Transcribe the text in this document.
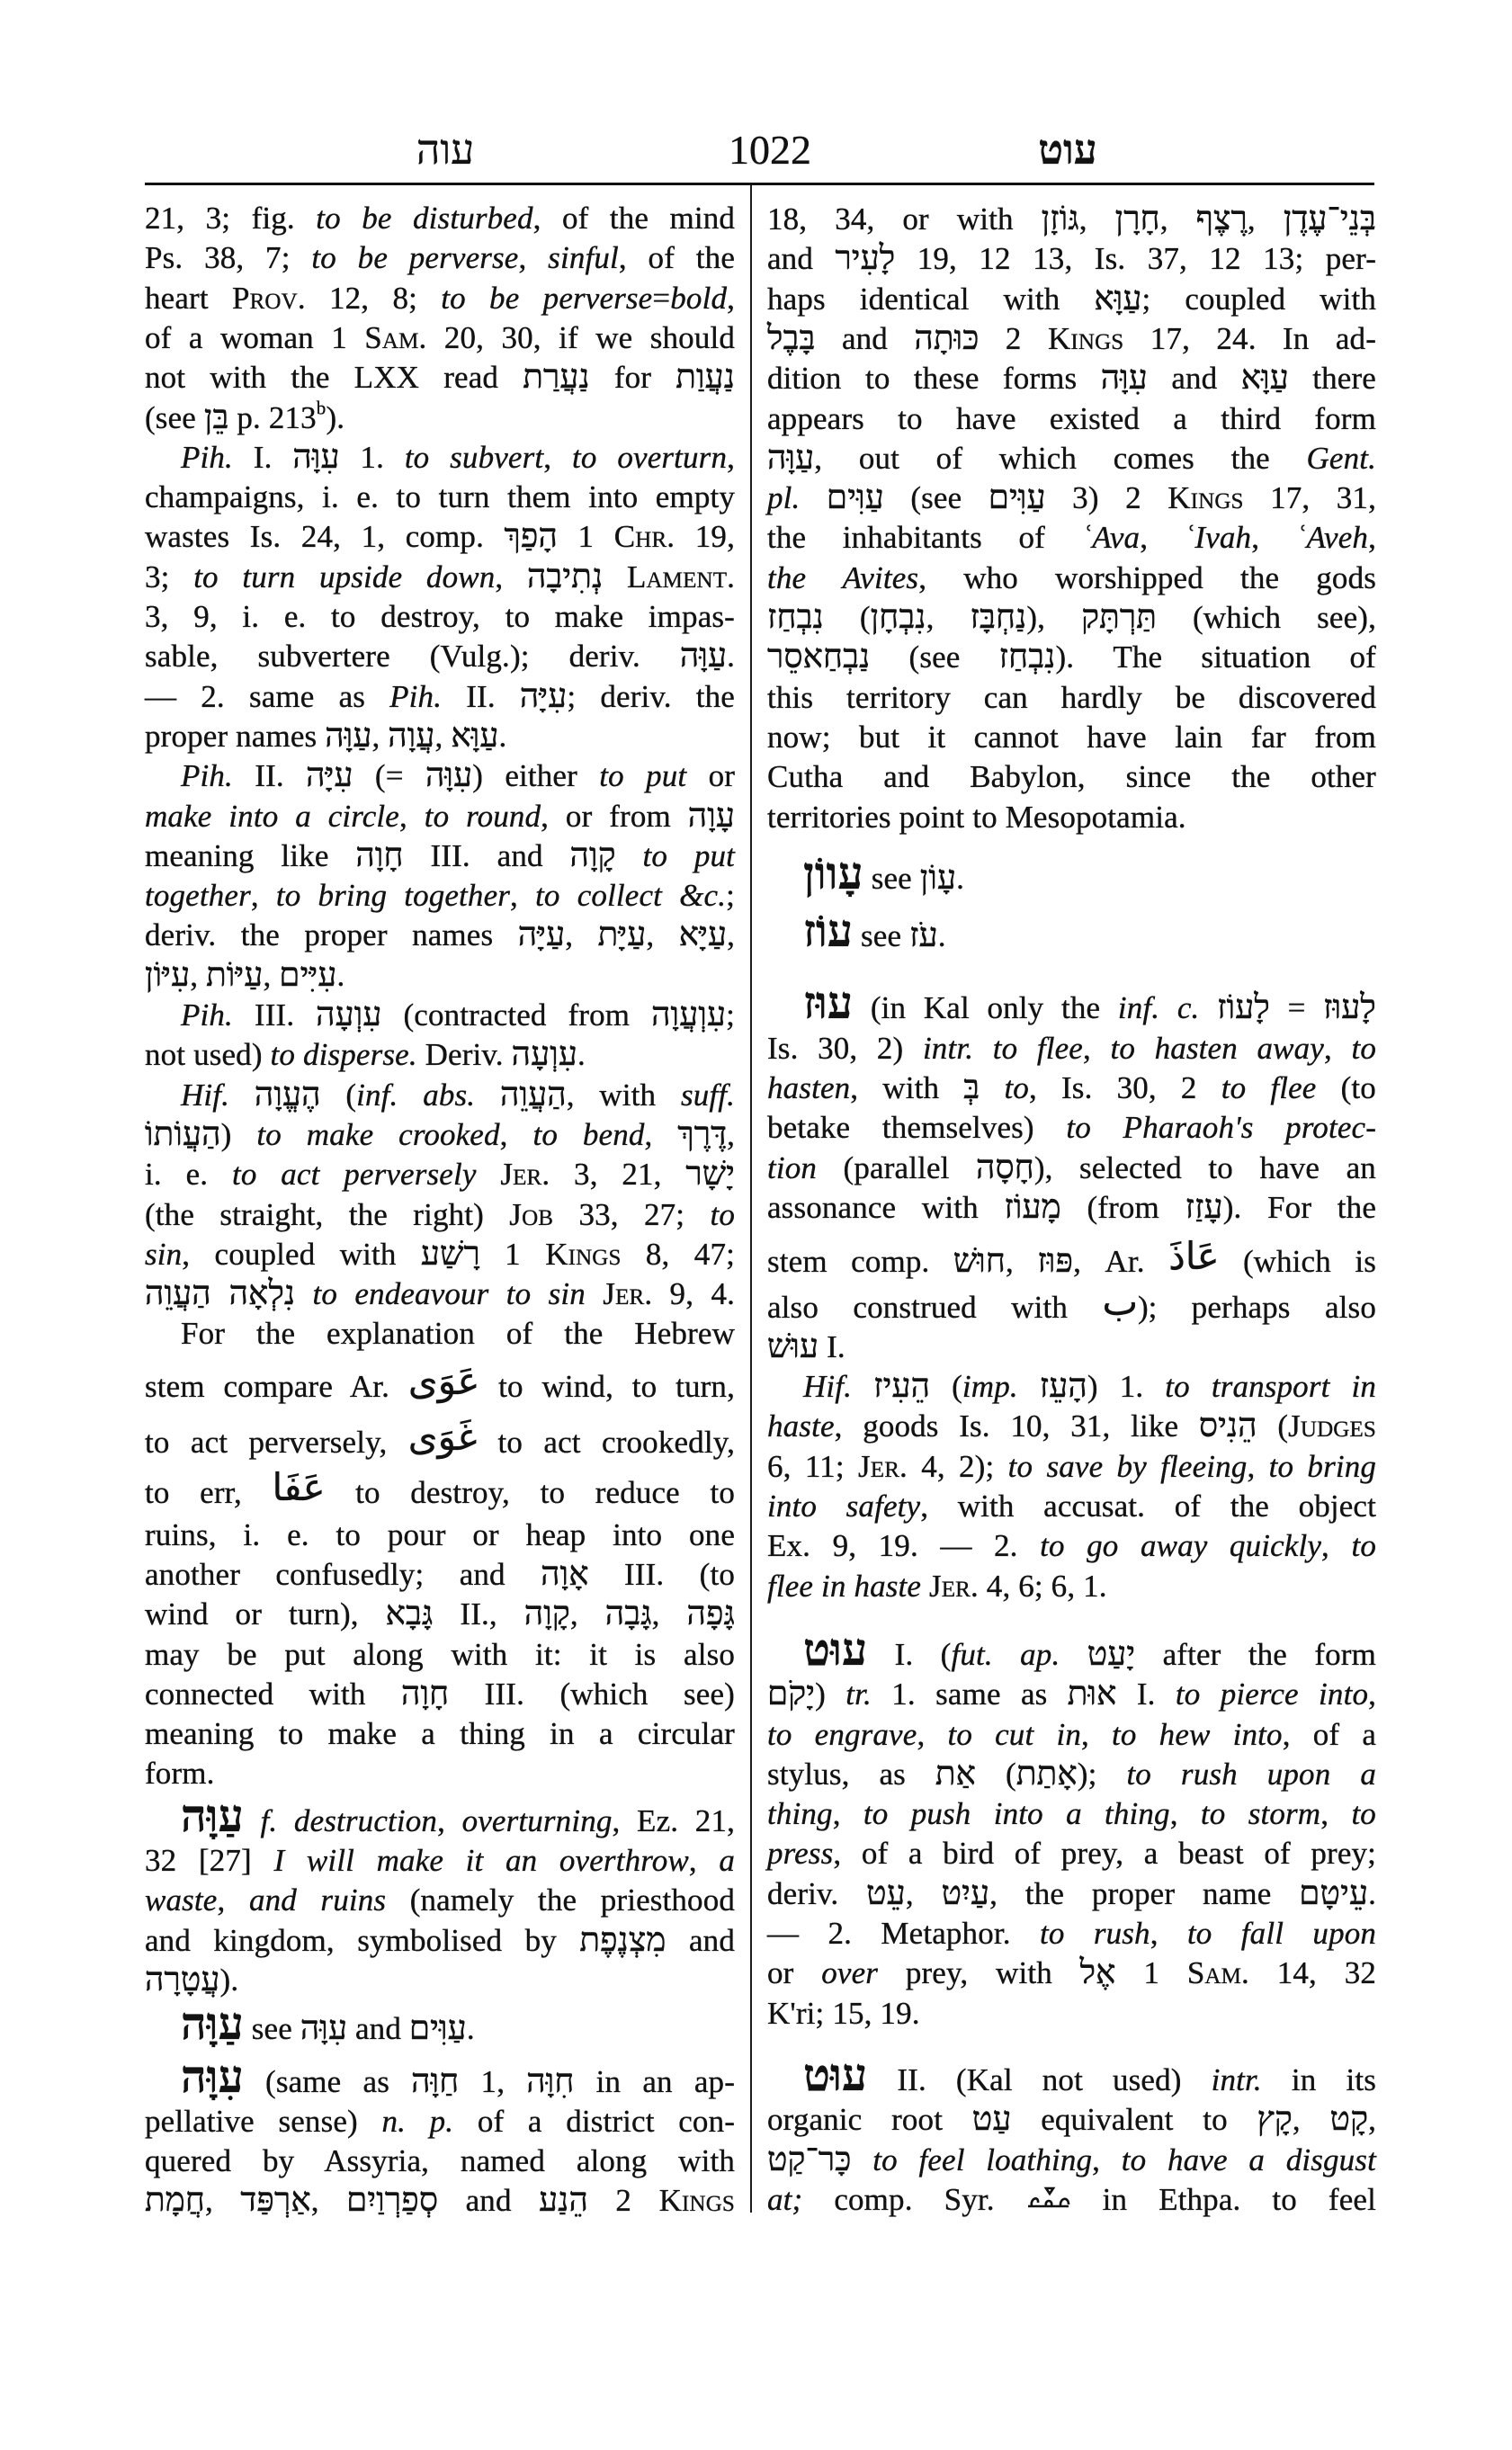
עוה	1022	עוט
21, 3; fig. to be disturbed, of the mind
Ps. 38, 7; to be perverse, sinful, of the
heart Prov. 12, 8; to be perverse=bold,
of a woman 1 Sam. 20, 30, if we should
not with the LXX read נַעֲרַת for נַעֲוַת
(see בֵּן p. 213$^b$).
Pih. I. עִוָּה 1. to subvert, to overturn,
champaigns, i. e. to turn them into empty
wastes Is. 24, 1, comp. הָפַךְ 1 Chr. 19,
3; to turn upside down, נְתִיבָה Lament.
3, 9, i. e. to destroy, to make impas-
sable, subvertere (Vulg.); deriv. עַוָּה.
— 2. same as Pih. II. עִיָּה; deriv. the
proper names עַוָּה, עֲוָה, עַוָּא.
Pih. II. עִיָּה (= עִוָּה) either to put or
make into a circle, to round, or from עָוָה
meaning like חָוָה III. and קָוָה to put
together, to bring together, to collect &c.;
deriv. the proper names עַיָּה, עַיָּת, עַיָּא,
עִיּוֹן, עַיּוֹת, עִיִּים.
Pih. III. עִוְעָה (contracted from עִוְעֲוָה;
not used) to disperse. Deriv. עִוְעָה.
Hif. הֶעֱוָה (inf. abs. הַעֲוֵה, with suff.
הַעֲוֹתוֹ) to make crooked, to bend, דֶּרֶךְ,
i. e. to act perversely Jer. 3, 21, יָשָׁר
(the straight, the right) Job 33, 27; to
sin, coupled with רָשַׁע 1 Kings 8, 47;
נִלְאָה הַעֲוֵה to endeavour to sin Jer. 9, 4.
For the explanation of the Hebrew
stem compare Ar. عَوَى to wind, to turn,
to act perversely, غَوَى to act crookedly,
to err, عَفَا to destroy, to reduce to
ruins, i. e. to pour or heap into one
another confusedly; and אָוָה III. (to
wind or turn), גָּבָא II., קָוָה, גָּבָה, גָּפָה
may be put along with it: it is also
connected with חָוָה III. (which see)
meaning to make a thing in a circular
form.
עַוָּה f. destruction, overturning, Ez. 21,
32 [27] I will make it an overthrow, a
waste, and ruins (namely the priesthood
and kingdom, symbolised by מִצְנֶפֶת and
עֲטָרָה).
עַוָּה see עִוָּה and עַוִּים.
עִוָּה (same as חַוָּה 1, חִוָּה in an ap-
pellative sense) n. p. of a district con-
quered by Assyria, named along with
חֲמָת, אַרְפַּד, סְפַרְוַיִם and הֵנַע 2 Kings
18, 34, or with גּוֹזָן, חָרָן, רֶצֶף, בְּנֵי־עֶדֶן
and לָעִיר 19, 12 13, Is. 37, 12 13; per-
haps identical with עַוָּא; coupled with
בָּבֶל and כּוּתָה 2 Kings 17, 24. In ad-
dition to these forms עִוָּה and עַוָּא there
appears to have existed a third form
עַוָּה, out of which comes the Gent.
pl. עַוִּים (see עַוִּים 3) 2 Kings 17, 31,
the inhabitants of ʿAva, ʿIvah, ʿAveh,
the Avites, who worshipped the gods
נִבְחַז (נִבְחָן, נַחְבָּז), תַּרְתָּק (which see),
נַבְחַאסֵר (see נִבְחַז). The situation of
this territory can hardly be discovered
now; but it cannot have lain far from
Cutha and Babylon, since the other
territories point to Mesopotamia.
עָווֹן see עָוֹן.
עוֹז see עֹז.
עוּז (in Kal only the inf. c. לָעוֹז = לָעוּז
Is. 30, 2) intr. to flee, to hasten away, to
hasten, with בְּ to, Is. 30, 2 to flee (to
betake themselves) to Pharaoh's protec-
tion (parallel חָסָה), selected to have an
assonance with מָעוֹז (from עָזַז). For the
stem comp. חוּשׁ, פּוּז, Ar. عَاذَ (which is
also construed with ب); perhaps also
עוּשׁ I.
Hif. הֵעִיז (imp. הָעֵז) 1. to transport in
haste, goods Is. 10, 31, like הֵנִיס (Judges
6, 11; Jer. 4, 2); to save by fleeing, to bring
into safety, with accusat. of the object
Ex. 9, 19. — 2. to go away quickly, to
flee in haste Jer. 4, 6; 6, 1.
עוּט I. (fut. ap. יָעַט after the form
יָקֹם) tr. 1. same as אוּת I. to pierce into,
to engrave, to cut in, to hew into, of a
stylus, as אַת (אָתַת); to rush upon a
thing, to push into a thing, to storm, to
press, of a bird of prey, a beast of prey;
deriv. עֵט, עַיִט, the proper name עֵיטָם.
— 2. Metaphor. to rush, to fall upon
or over prey, with אֶל 1 Sam. 14, 32
K'ri; 15, 19.
עוּט II. (Kal not used) intr. in its
organic root עַט equivalent to קָץ, קָט,
כָּר־קַט to feel loathing, to have a disgust
at; comp. Syr.
in Ethpa. to feel
